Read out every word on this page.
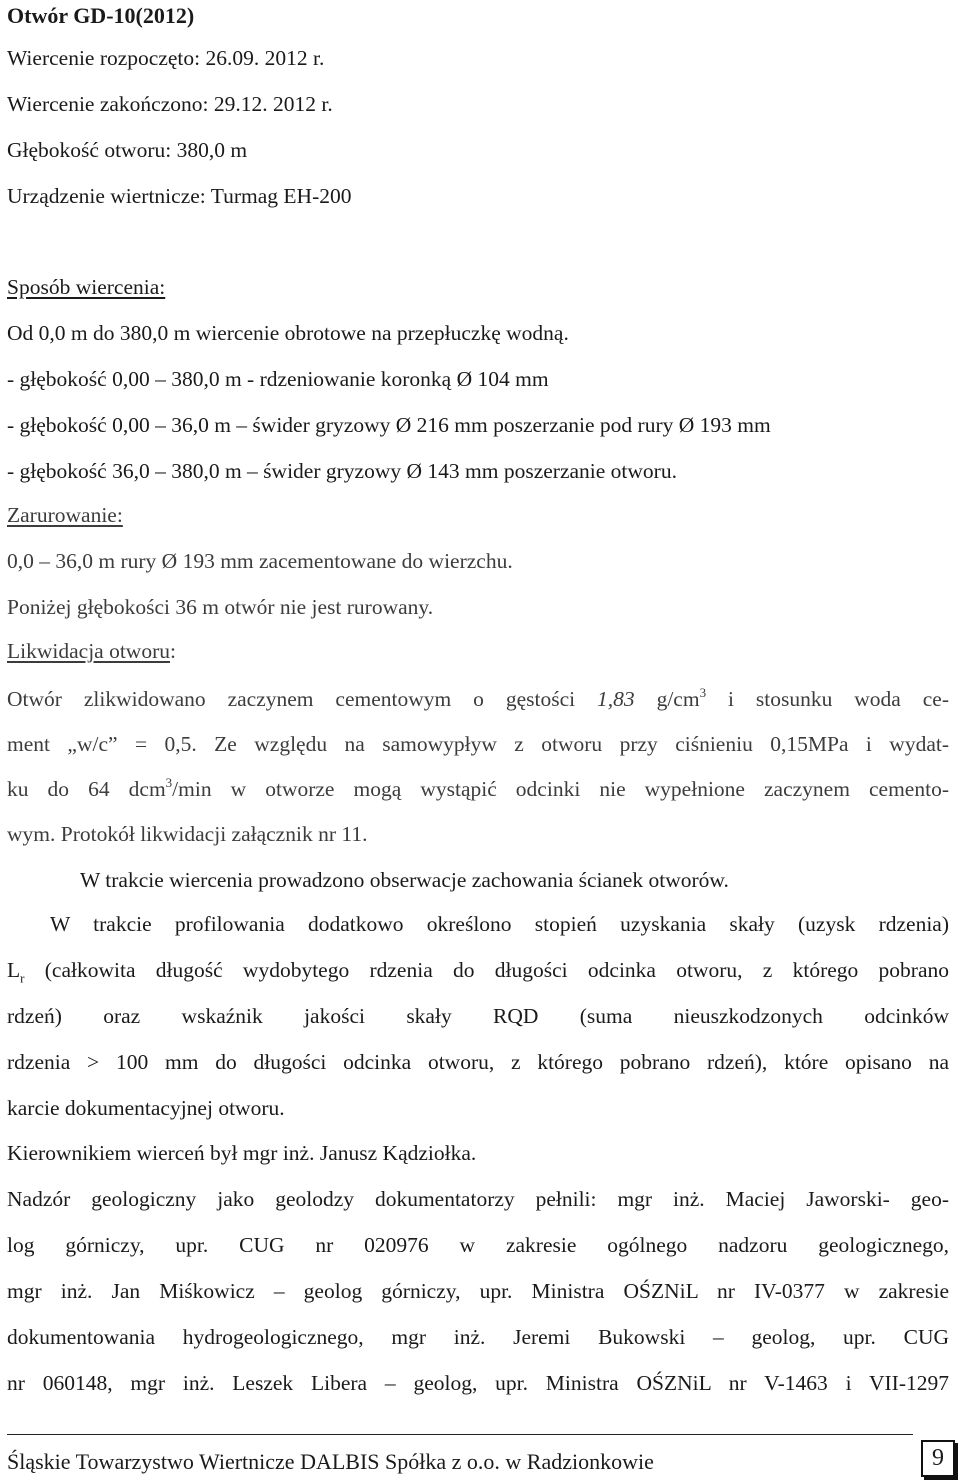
Otwór GD-10(2012)
Wiercenie rozpoczęto: 26.09. 2012 r.
Wiercenie zakończono: 29.12. 2012 r.
Głębokość otworu: 380,0 m
Urządzenie wiertnicze: Turmag EH-200
Sposób wiercenia:
Od 0,0 m do 380,0 m wiercenie obrotowe na przepłuczkę wodną.
- głębokość 0,00 – 380,0 m - rdzeniowanie koronką Ø 104 mm
- głębokość 0,00 – 36,0 m – świder gryzowy Ø 216 mm poszerzanie pod rury Ø 193 mm
- głębokość 36,0 – 380,0 m – świder gryzowy Ø 143 mm poszerzanie otworu.
Zarurowanie:
0,0 – 36,0 m rury Ø 193 mm zacementowane do wierzchu.
Poniżej głębokości 36 m otwór nie jest rurowany.
Likwidacja otworu:
Otwór zlikwidowano zaczynem cementowym o gęstości 1,83 $g/cm^3$ i stosunku woda ce-
ment „w/c” = 0,5. Ze względu na samowypływ z otworu przy ciśnieniu 0,15MPa i wydat-
ku do 64 dcm$^3$/min w otworze mogą wystąpić odcinki nie wypełnione zaczynem cemento-
wym. Protokół likwidacji załącznik nr 11.
W trakcie wiercenia prowadzono obserwacje zachowania ścianek otworów.
W trakcie profilowania dodatkowo określono stopień uzyskania skały (uzysk rdzenia)
$L_r$ (całkowita długość wydobytego rdzenia do długości odcinka otworu, z którego pobrano
rdzeń) oraz wskaźnik jakości skały RQD (suma nieuszkodzonych odcinków
rdzenia > 100 mm do długości odcinka otworu, z którego pobrano rdzeń), które opisano na
karcie dokumentacyjnej otworu.
Kierownikiem wierceń był mgr inż. Janusz Kądziołka.
Nadzór geologiczny jako geolodzy dokumentatorzy pełnili: mgr inż. Maciej Jaworski- geo-
log górniczy, upr. CUG nr 020976 w zakresie ogólnego nadzoru geologicznego,
mgr inż. Jan Miśkowicz – geolog górniczy, upr. Ministra OŚZNiL nr IV-0377 w zakresie
dokumentowania hydrogeologicznego, mgr inż. Jeremi Bukowski – geolog, upr. CUG
nr 060148, mgr inż. Leszek Libera – geolog, upr. Ministra OŚZNiL nr V-1463 i VII-1297
Śląskie Towarzystwo Wiertnicze DALBIS Spółka z o.o. w Radzionkowie	9
